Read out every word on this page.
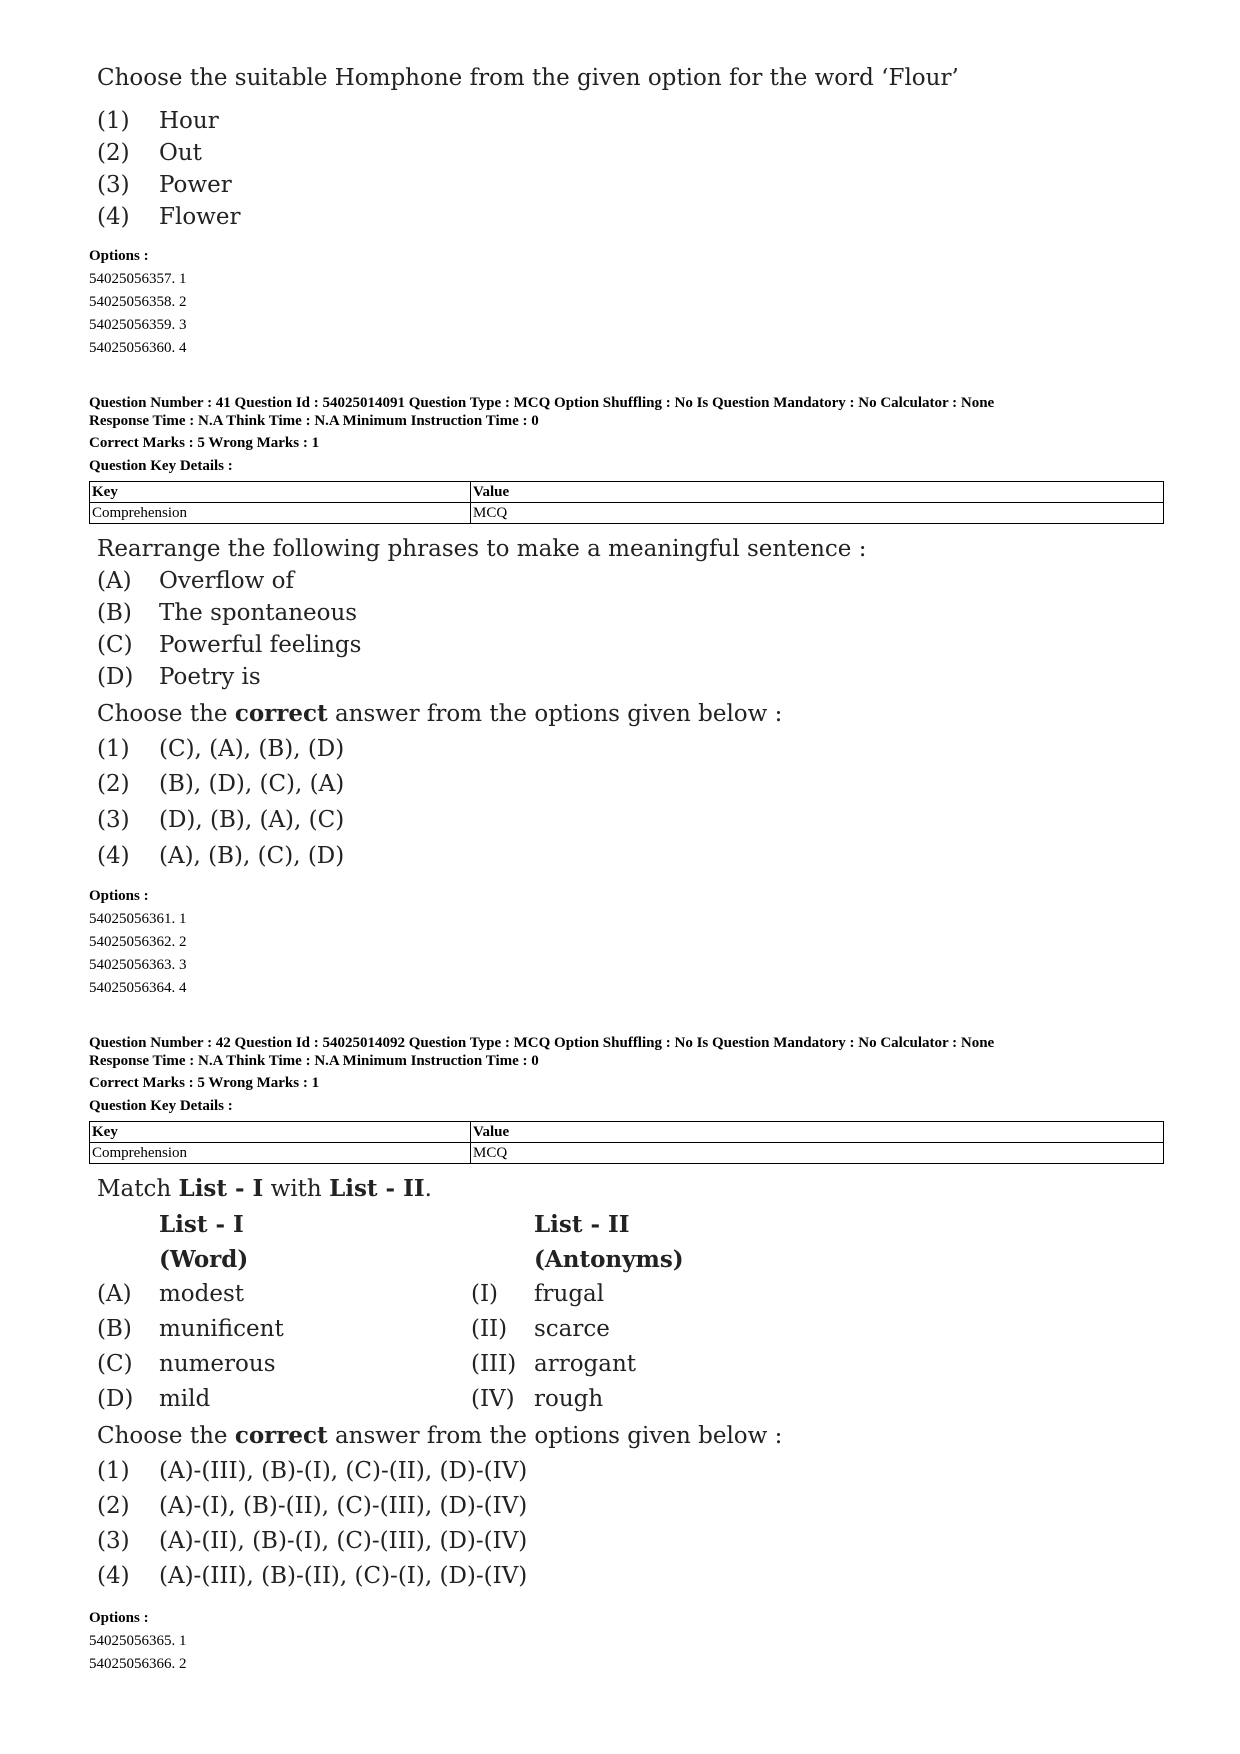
Choose the suitable Homphone from the given option for the word ‘Flour’
(1) Hour
(2) Out
(3) Power
(4) Flower
Options :
54025056357. 1
54025056358. 2
54025056359. 3
54025056360. 4
Question Number : 41 Question Id : 54025014091 Question Type : MCQ Option Shuffling : No Is Question Mandatory : No Calculator : None
Response Time : N.A Think Time : N.A Minimum Instruction Time : 0
Correct Marks : 5 Wrong Marks : 1
Question Key Details :
Key	Value
Comprehension	MCQ
Rearrange the following phrases to make a meaningful sentence :
(A) Overflow of
(B) The spontaneous
(C) Powerful feelings
(D) Poetry is
Choose the correct answer from the options given below :
(1) (C), (A), (B), (D)
(2) (B), (D), (C), (A)
(3) (D), (B), (A), (C)
(4) (A), (B), (C), (D)
Options :
54025056361. 1
54025056362. 2
54025056363. 3
54025056364. 4
Question Number : 42 Question Id : 54025014092 Question Type : MCQ Option Shuffling : No Is Question Mandatory : No Calculator : None
Response Time : N.A Think Time : N.A Minimum Instruction Time : 0
Correct Marks : 5 Wrong Marks : 1
Question Key Details :
Key	Value
Comprehension	MCQ
Match List - I with List - II.
List - I	List - II
(Word)	(Antonyms)
(A) modest	(I) frugal
(B) munificent	(II) scarce
(C) numerous	(III) arrogant
(D) mild	(IV) rough
Choose the correct answer from the options given below :
(1) (A)-(III), (B)-(I), (C)-(II), (D)-(IV)
(2) (A)-(I), (B)-(II), (C)-(III), (D)-(IV)
(3) (A)-(II), (B)-(I), (C)-(III), (D)-(IV)
(4) (A)-(III), (B)-(II), (C)-(I), (D)-(IV)
Options :
54025056365. 1
54025056366. 2
